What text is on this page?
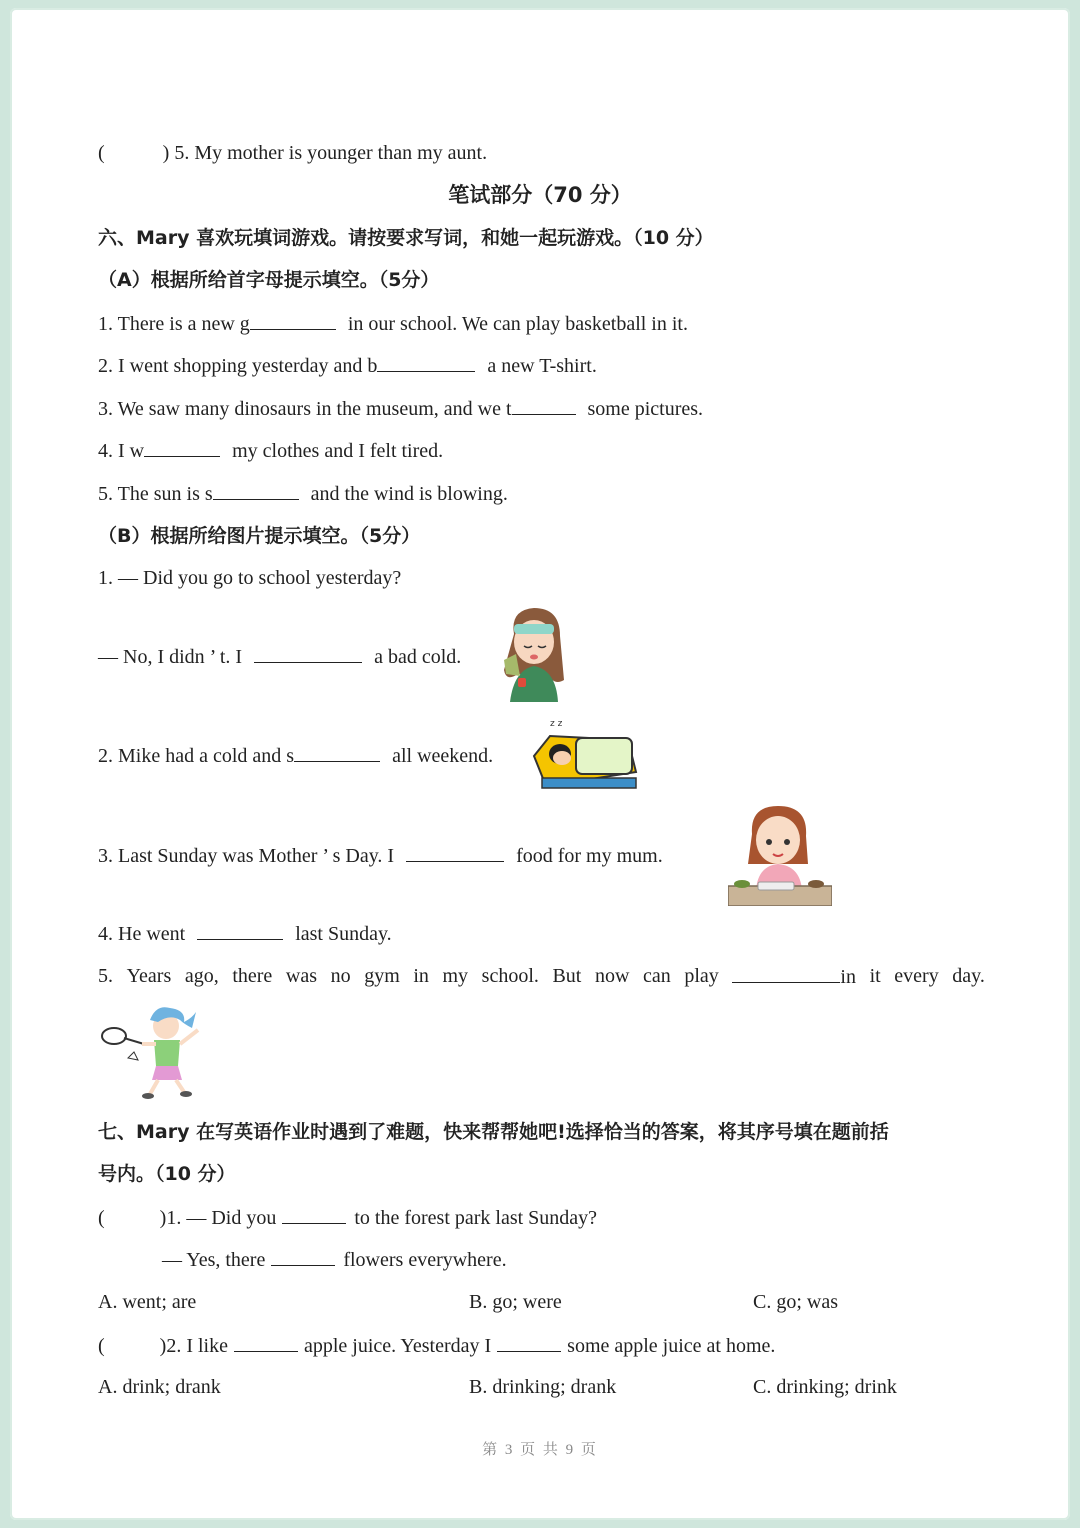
(	) 5. My mother is younger than my aunt.
笔试部分（70 分）
六、Mary 喜欢玩填词游戏。请按要求写词，和她一起玩游戏。（10 分）
（A）根据所给首字母提示填空。（5分）
1. There is a new g	in our school. We can play basketball in it.
2. I went shopping yesterday and b	a new T-shirt.
3. We saw many dinosaurs in the museum, and we t	some pictures.
4. I w	my clothes and I felt tired.
5. The sun is s	and the wind is blowing.
（B）根据所给图片提示填空。（5分）
1. — Did you go to school yesterday?
— No, I didn ’ t. I	a bad cold.
2. Mike had a cold and s	all weekend.
z z
3. Last Sunday was Mother ’ s Day. I	food for my mum.
4. He went	last Sunday.
5. Years ago, there was no gym in my school. But now can play	in it every day.
七、Mary 在写英语作业时遇到了难题，快来帮帮她吧!选择恰当的答案，将其序号填在题前括
号内。（10 分）
(	)1. — Did you	to the forest park last Sunday?
— Yes, there	flowers everywhere.
A. went; are	B. go; were	C. go; was
(	)2. I like	apple juice. Yesterday I	some apple juice at home.
A. drink; drank	B. drinking; drank	C. drinking; drink
第 3 页 共 9 页
